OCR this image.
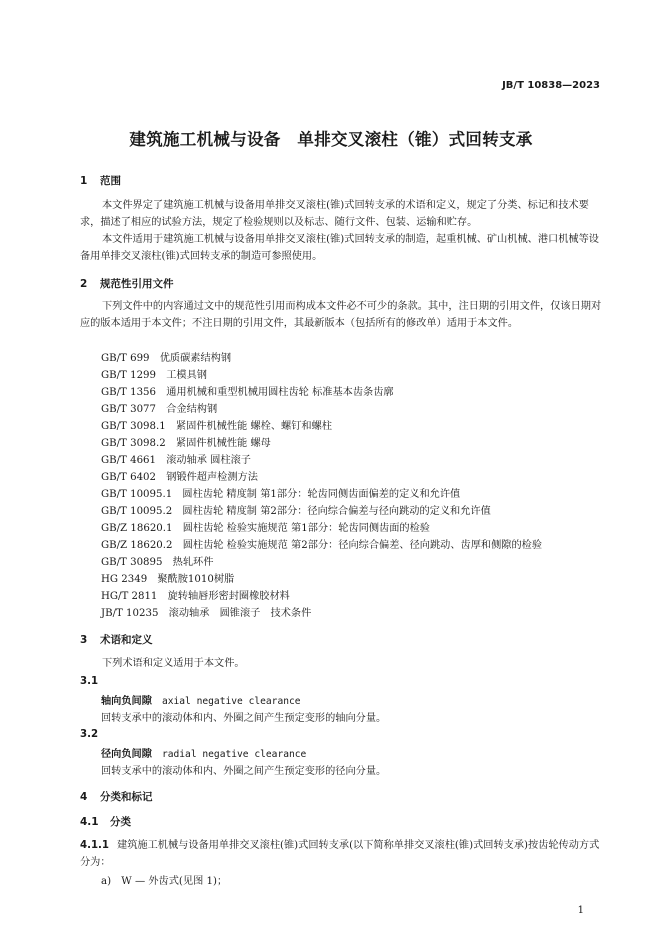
JB/T 10838—2023
建筑施工机械与设备　单排交叉滚柱（锥）式回转支承
1 范围

本文件界定了建筑施工机械与设备用单排交叉滚柱(锥)式回转支承的术语和定义，规定了分类、标记和技术要求，描述了相应的试验方法，规定了检验规则以及标志、随行文件、包装、运输和贮存。

本文件适用于建筑施工机械与设备用单排交叉滚柱(锥)式回转支承的制造，起重机械、矿山机械、港口机械等设备用单排交叉滚柱(锥)式回转支承的制造可参照使用。

2 规范性引用文件

下列文件中的内容通过文中的规范性引用而构成本文件必不可少的条款。其中，注日期的引用文件，仅该日期对应的版本适用于本文件；不注日期的引用文件，其最新版本（包括所有的修改单）适用于本文件。

GB/T 699　优质碳素结构钢
GB/T 1299　工模具钢
GB/T 1356　通用机械和重型机械用圆柱齿轮 标准基本齿条齿廓
GB/T 3077　合金结构钢
GB/T 3098.1　紧固件机械性能 螺栓、螺钉和螺柱
GB/T 3098.2　紧固件机械性能 螺母
GB/T 4661　滚动轴承 圆柱滚子
GB/T 6402　钢锻件超声检测方法
GB/T 10095.1　圆柱齿轮 精度制 第1部分：轮齿同侧齿面偏差的定义和允许值
GB/T 10095.2　圆柱齿轮 精度制 第2部分：径向综合偏差与径向跳动的定义和允许值
GB/Z 18620.1　圆柱齿轮 检验实施规范 第1部分：轮齿同侧齿面的检验
GB/Z 18620.2　圆柱齿轮 检验实施规范 第2部分：径向综合偏差、径向跳动、齿厚和侧隙的检验
GB/T 30895　热轧环件
HG 2349　聚酰胺1010树脂
HG/T 2811　旋转轴唇形密封圈橡胶材料
JB/T 10235　滚动轴承　圆锥滚子　技术条件
3 术语和定义

下列术语和定义适用于本文件。

3.1
轴向负间隙 axial negative clearance
回转支承中的滚动体和内、外圈之间产生预定变形的轴向分量。
3.2
径向负间隙 radial negative clearance
回转支承中的滚动体和内、外圈之间产生预定变形的径向分量。
4 分类和标记
4.1 分类

4.1.1 建筑施工机械与设备用单排交叉滚柱(锥)式回转支承(以下简称单排交叉滚柱(锥)式回转支承)按齿轮传动方式分为：

a)　W — 外齿式(见图 1)；
1
